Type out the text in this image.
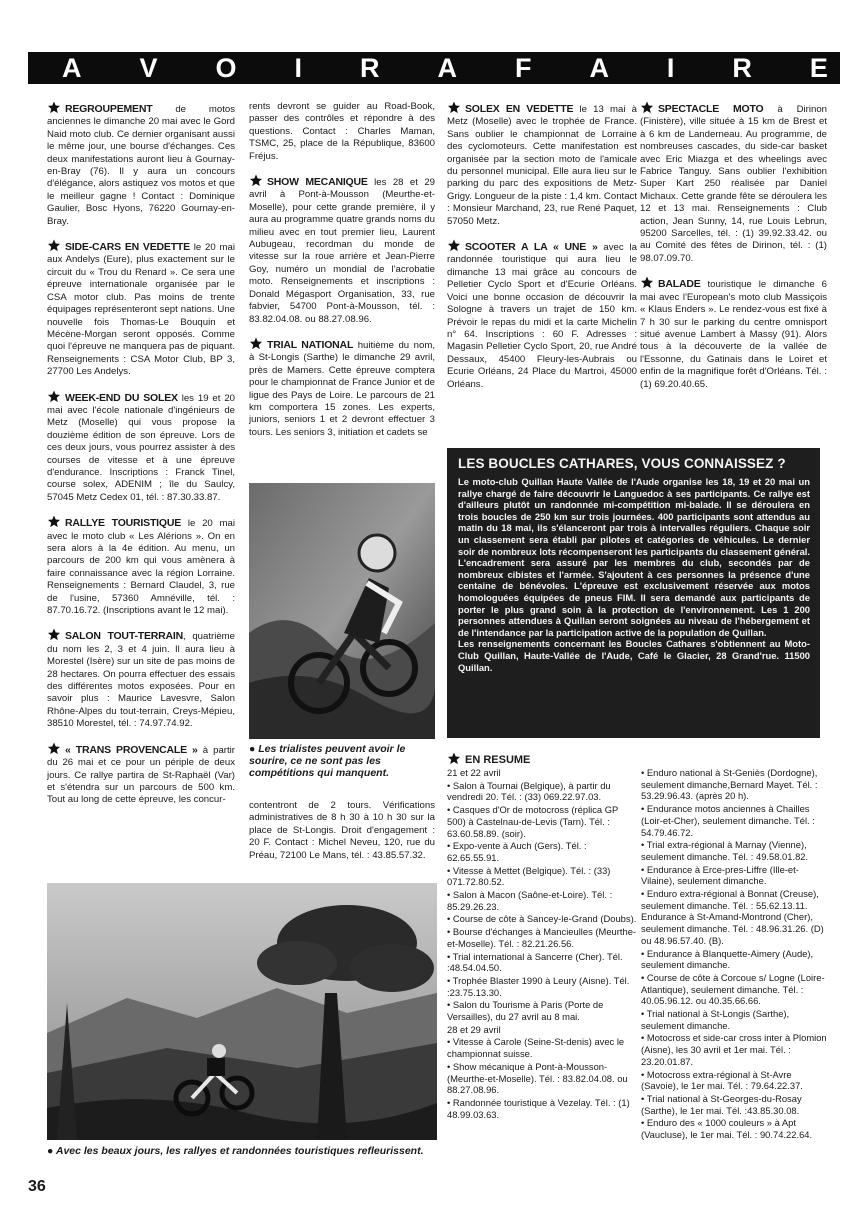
A V O I R A F A I R E

REGROUPEMENT de motos anciennes le dimanche 20 mai avec le Gord Naid moto club. Ce dernier organisant aussi le même jour, une bourse d'échanges. Ces deux manifestations auront lieu à Gournay-en-Bray (76). Il y aura un concours d'élégance, alors astiquez vos motos et que le meilleur gagne ! Contact : Dominique Gaulier, Bosc Hyons, 76220 Gournay-en-Bray.

SIDE-CARS EN VEDETTE le 20 mai aux Andelys (Eure), plus exactement sur le circuit du « Trou du Renard ». Ce sera une épreuve internationale organisée par le CSA motor club. Pas moins de trente équipages représenteront sept nations. Une nouvelle fois Thomas-Le Bouquin et Mécène-Morgan seront opposés. Comme quoi l'épreuve ne manquera pas de piquant. Renseignements : CSA Motor Club, BP 3, 27700 Les Andelys.

WEEK-END DU SOLEX les 19 et 20 mai avec l'école nationale d'ingénieurs de Metz (Moselle) qui vous propose la douzième édition de son épreuve. Lors de ces deux jours, vous pourrez assister à des courses de vitesse et à une épreuve d'endurance. Inscriptions : Franck Tinel, course solex, ADENIM ; île du Saulcy, 57045 Metz Cedex 01, tél. : 87.30.33.87.

RALLYE TOURISTIQUE le 20 mai avec le moto club « Les Alérions ». On en sera alors à la 4e édition. Au menu, un parcours de 200 km qui vous amènera à faire connaissance avec la région Lorraine. Renseignements : Bernard Claudel, 3, rue de l'usine, 57360 Amnéville, tél. : 87.70.16.72. (Inscriptions avant le 12 mai).

SALON TOUT-TERRAIN, quatrième du nom les 2, 3 et 4 juin. Il aura lieu à Morestel (Isère) sur un site de pas moins de 28 hectares. On pourra effectuer des essais des différentes motos exposées. Pour en savoir plus : Maurice Lavesvre, Salon Rhône-Alpes du tout-terrain, Creys-Mépieu, 38510 Morestel, tél. : 74.97.74.92.

« TRANS PROVENCALE » à partir du 26 mai et ce pour un périple de deux jours. Ce rallye partira de St-Raphaël (Var) et s'étendra sur un parcours de 500 km. Tout au long de cette épreuve, les concur-

rents devront se guider au Road-Book, passer des contrôles et répondre à des questions. Contact : Charles Maman, TSMC, 25, place de la République, 83600 Fréjus.

SHOW MECANIQUE les 28 et 29 avril à Pont-à-Mousson (Meurthe-et-Moselle), pour cette grande première, il y aura au programme quatre grands noms du milieu avec en tout premier lieu, Laurent Aubugeau, recordman du monde de vitesse sur la roue arrière et Jean-Pierre Goy, numéro un mondial de l'acrobatie moto. Renseignements et inscriptions : Donald Mégasport Organisation, 33, rue fabvier, 54700 Pont-à-Mousson, tél. : 83.82.04.08. ou 88.27.08.96.

TRIAL NATIONAL huitième du nom, à St-Longis (Sarthe) le dimanche 29 avril, près de Mamers. Cette épreuve comptera pour le championnat de France Junior et de ligue des Pays de Loire. Le parcours de 21 km comportera 15 zones. Les experts, juniors, seniors 1 et 2 devront effectuer 3 tours. Les seniors 3, initiation et cadets se

● Les trialistes peuvent avoir le sourire, ce ne sont pas les compétitions qui manquent.

contentront de 2 tours. Vérifications administratives de 8 h 30 à 10 h 30 sur la place de St-Longis. Droit d'engagement : 20 F. Contact : Michel Neveu, 120, rue du Préau, 72100 Le Mans, tél. : 43.85.57.32.

SOLEX EN VEDETTE le 13 mai à Metz (Moselle) avec le trophée de France. Sans oublier le championnat de Lorraine des cyclomoteurs. Cette manifestation est organisée par la section moto de l'amicale du personnel municipal. Elle aura lieu sur le parking du parc des expositions de Metz-Grigy. Longueur de la piste : 1,4 km. Contact : Monsieur Marchand, 23, rue René Paquet, 57050 Metz.

SCOOTER A LA « UNE » avec la randonnée touristique qui aura lieu le dimanche 13 mai grâce au concours de Pelletier Cyclo Sport et d'Ecurie Orléans. Voici une bonne occasion de découvrir la Sologne à travers un trajet de 150 km. Prévoir le repas du midi et la carte Michelin n° 64. Inscriptions : 60 F. Adresses : Magasin Pelletier Cyclo Sport, 20, rue André Dessaux, 45400 Fleury-les-Aubrais ou Ecurie Orléans, 24 Place du Martroi, 45000 Orléans.

SPECTACLE MOTO à Dirinon (Finistère), ville située à 15 km de Brest et à 6 km de Landerneau. Au programme, de nombreuses cascades, du side-car basket avec Eric Miazga et des wheelings avec Fabrice Tanguy. Sans oublier l'exhibition Super Kart 250 réalisée par Daniel Michaux. Cette grande fête se déroulera les 12 et 13 mai. Renseignements : Club action, Jean Sunny, 14, rue Louis Lebrun, 95200 Sarcelles, tél. : (1) 39.92.33.42. ou au Comité des fêtes de Dirinon, tél. : (1) 98.07.09.70.

BALADE touristique le dimanche 6 mai avec l'European's moto club Massiçois « Klaus Enders ». Le rendez-vous est fixé à 7 h 30 sur le parking du centre omnisport situé avenue Lambert à Massy (91). Alors tous à la découverte de la vallée de l'Essonne, du Gatinais dans le Loiret et enfin de la magnifique forêt d'Orléans. Tél. : (1) 69.20.40.65.

LES BOUCLES CATHARES, VOUS CONNAISSEZ ?

Le moto-club Quillan Haute Vallée de l'Aude organise les 18, 19 et 20 mai un rallye chargé de faire découvrir le Languedoc à ses participants. Ce rallye est d'ailleurs plutôt un randonnée mi-compétition mi-balade. Il se déroulera en trois boucles de 250 km sur trois journées. 400 participants sont attendus au matin du 18 mai, ils s'élanceront par trois à intervalles réguliers. Chaque soir un classement sera établi par pilotes et catégories de véhicules. Le dernier soir de nombreux lots récompenseront les participants du classement général. L'encadrement sera assuré par les membres du club, secondés par de nombreux cibistes et l'armée. S'ajoutent à ces personnes la présence d'une centaine de bénévoles. L'épreuve est exclusivement réservée aux motos homologuées équipées de pneus FIM. Il sera demandé aux participants de porter le plus grand soin à la protection de l'environnement. Les 1 200 personnes attendues à Quillan seront soignées au niveau de l'hébergement et de l'intendance par la participation active de la population de Quillan.

Les renseignements concernant les Boucles Cathares s'obtiennent au Moto-Club Quillan, Haute-Vallée de l'Aude, Café le Glacier, 28 Grand'rue. 11500 Quillan.

EN RESUME
21 et 22 avril
• Salon à Tournai (Belgique), à partir du vendredi 20. Tél. : (33) 069.22.97.03.
• Casques d'Or de motocross (réplica GP 500) à Castelnau-de-Levis (Tarn). Tél. : 63.60.58.89. (soir).
• Expo-vente à Auch (Gers). Tél. : 62.65.55.91.
• Vitesse à Mettet (Belgique). Tél. : (33) 071.72.80.52.
• Salon à Macon (Saône-et-Loire). Tél. : 85.29.26.23.
• Course de côte à Sancey-le-Grand (Doubs).
• Bourse d'échanges à Mancieulles (Meurthe-et-Moselle). Tél. : 82.21.26.56.
• Trial international à Sancerre (Cher). Tél. :48.54.04.50.
• Trophée Blaster 1990 à Leury (Aisne). Tél. :23.75.13.30.
• Salon du Tourisme à Paris (Porte de Versailles), du 27 avril au 8 mai.
28 et 29 avril
• Vitesse à Carole (Seine-St-denis) avec le championnat suisse.
• Show mécanique à Pont-à-Mousson- (Meurthe-et-Moselle). Tél. : 83.82.04.08. ou 88.27.08.96.
• Randonnée touristique à Vezelay. Tél. : (1) 48.99.03.63.
• Enduro national à St-Geniès (Dordogne), seulement dimanche,Bernard Mayet. Tél. : 53.29.96.43. (après 20 h).
• Endurance motos anciennes à Chailles (Loir-et-Cher), seulement dimanche. Tél. : 54.79.46.72.
• Trial extra-régional à Marnay (Vienne), seulement dimanche. Tél. : 49.58.01.82.
• Endurance à Erce-pres-Liffre (Ille-et-Vilaine), seulement dimanche.
• Enduro extra-régional à Bonnat (Creuse), seulement dimanche. Tél. : 55.62.13.11. Endurance à St-Amand-Montrond (Cher), seulement dimanche. Tél. : 48.96.31.26. (D) ou 48.96.57.40. (B).
• Endurance à Blanquette-Aimery (Aude), seulement dimanche.
• Course de côte à Corcoue s/ Logne (Loire-Atlantique), seulement dimanche. Tél. : 40.05.96.12. ou 40.35.66.66.
• Trial national à St-Longis (Sarthe), seulement dimanche.
• Motocross et side-car cross inter à Plomion (Aisne), les 30 avril et 1er mai. Tél. : 23.20.01.87.
• Motocross extra-régional à St-Avre (Savoie), le 1er mai. Tél. : 79.64.22.37.
• Trial national à St-Georges-du-Rosay (Sarthe), le 1er mai. Tél. :43.85.30.08.
• Enduro des « 1000 couleurs » à Apt (Vaucluse), le 1er mai. Tél. : 90.74.22.64.
● Avec les beaux jours, les rallyes et randonnées touristiques refleurissent.
36
